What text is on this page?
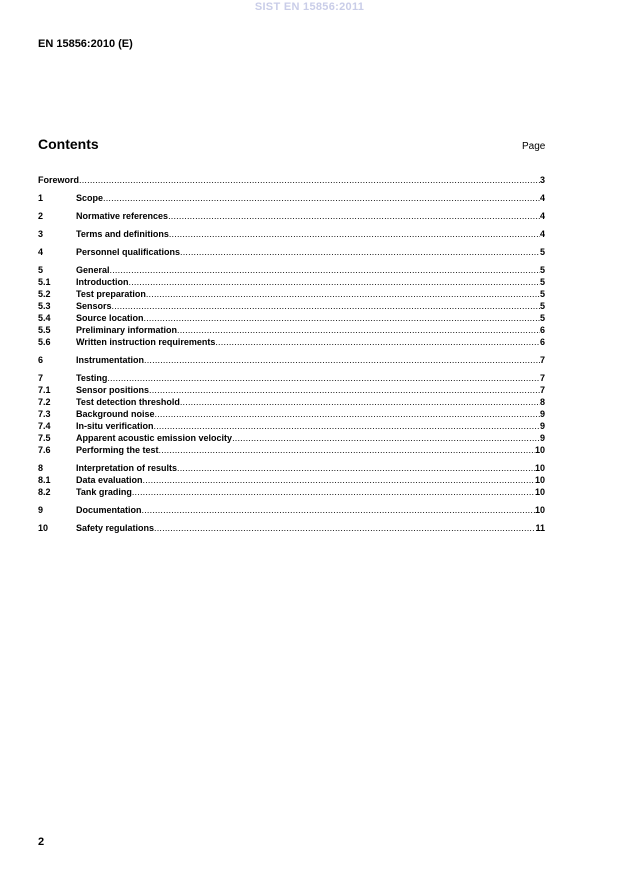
SIST EN 15856:2011
EN 15856:2010 (E)
Contents	Page
Foreword .....	3
1	Scope .....	4
2	Normative references .....	4
3	Terms and definitions .....	4
4	Personnel qualifications .....	5
5	General .....	5
5.1	Introduction .....	5
5.2	Test preparation .....	5
5.3	Sensors .....	5
5.4	Source location .....	5
5.5	Preliminary information .....	6
5.6	Written instruction requirements .....	6
6	Instrumentation .....	7
7	Testing .....	7
7.1	Sensor positions .....	7
7.2	Test detection threshold .....	8
7.3	Background noise .....	9
7.4	In-situ verification .....	9
7.5	Apparent acoustic emission velocity .....	9
7.6	Performing the test .....	10
8	Interpretation of results .....	10
8.1	Data evaluation .....	10
8.2	Tank grading .....	10
9	Documentation .....	10
10	Safety regulations .....	11
2
